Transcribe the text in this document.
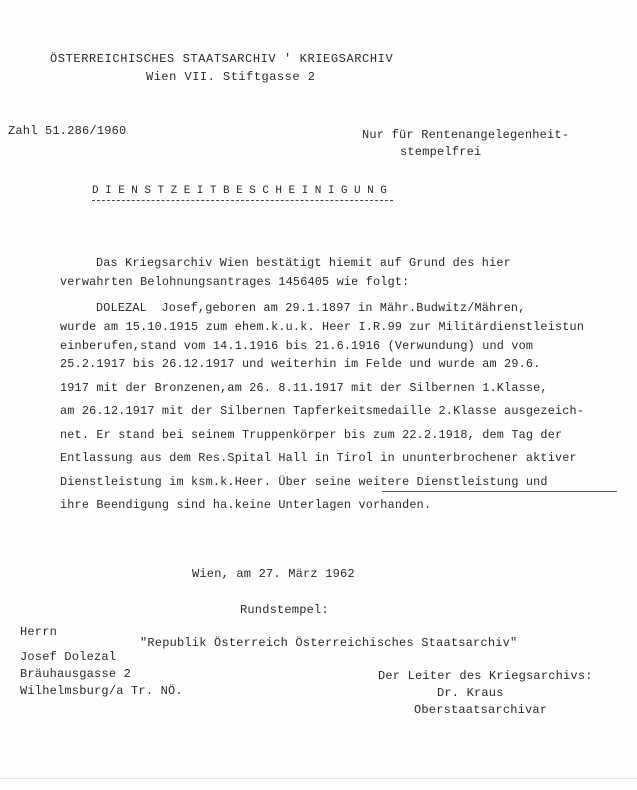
ÖSTERREICHISCHES STAATSARCHIV ' KRIEGSARCHIV
Wien VII. Stiftgasse 2
Zahl 51.286/1960	Nur für Rentenangelegenheit-
stempelfrei
DIENSTZEITBESCHEINIGUNG
Das Kriegsarchiv Wien bestätigt hiemit auf Grund des hier
verwahrten Belohnungsantrages 1456405 wie folgt:
DOLEZAL  Josef,geboren am 29.1.1897 in Mähr.Budwitz/Mähren,
wurde am 15.10.1915 zum ehem.k.u.k. Heer I.R.99 zur Militärdienstleistun
einberufen,stand vom 14.1.1916 bis 21.6.1916 (Verwundung) und vom
25.2.1917 bis 26.12.1917 und weiterhin im Felde und wurde am 29.6.
1917 mit der Bronzenen,am 26. 8.11.1917 mit der Silbernen 1.Klasse,
am 26.12.1917 mit der Silbernen Tapferkeitsmedaille 2.Klasse ausgezeich-
net. Er stand bei seinem Truppenkörper bis zum 22.2.1918, dem Tag der
Entlassung aus dem Res.Spital Hall in Tirol in ununterbrochener aktiver
Dienstleistung im ksm.k.Heer. Über seine weitere Dienstleistung und
ihre Beendigung sind ha.keine Unterlagen vorhanden.
Wien, am 27. März 1962
Rundstempel:
Herrn
"Republik Österreich Österreichisches Staatsarchiv"
Josef Dolezal
Bräuhausgasse 2
Wilhelmsburg/a Tr. NÖ.
Der Leiter des Kriegsarchivs:
Dr. Kraus
Oberstaatsarchivar
